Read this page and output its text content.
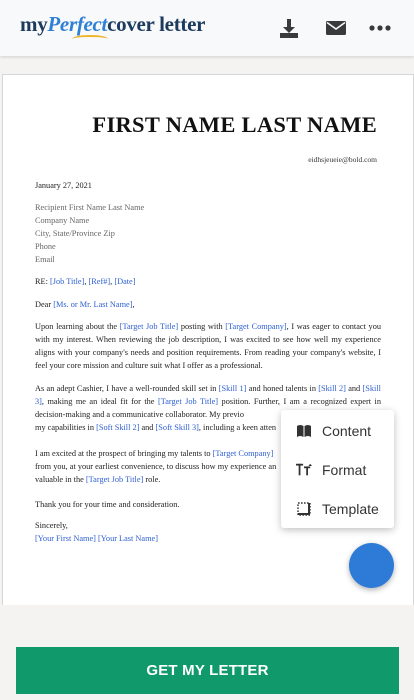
myPerfectcover letter
FIRST NAME LAST NAME
eidhsjeueie@bold.com
January 27, 2021
Recipient First Name Last Name
Company Name
City, State/Province Zip
Phone
Email
RE: [Job Title], [Ref#], [Date]
Dear [Ms. or Mr. Last Name],
Upon learning about the [Target Job Title] posting with [Target Company], I was eager to contact you with my interest. When reviewing the job description, I was excited to see how well my experience aligns with your company's needs and position requirements. From reading your company's website, I feel your core mission and culture suit what I offer as a professional.
As an adept Cashier, I have a well-rounded skill set in [Skill 1] and honed talents in [Skill 2] and [Skill 3], making me an ideal fit for the [Target Job Title] position. Further, I am a recognized expert in decision-making and a communicative collaborator. My previo
my capabilities in [Soft Skill 2] and [Soft Skill 3], including a keen atten
I am excited at the prospect of bringing my talents to [Target Company]
from you, at your earliest convenience, to discuss how my experience an
valuable in the [Target Job Title] role.
Thank you for your time and consideration.
Sincerely,
[Your First Name] [Your Last Name]
Content
Format
Template
GET MY LETTER
